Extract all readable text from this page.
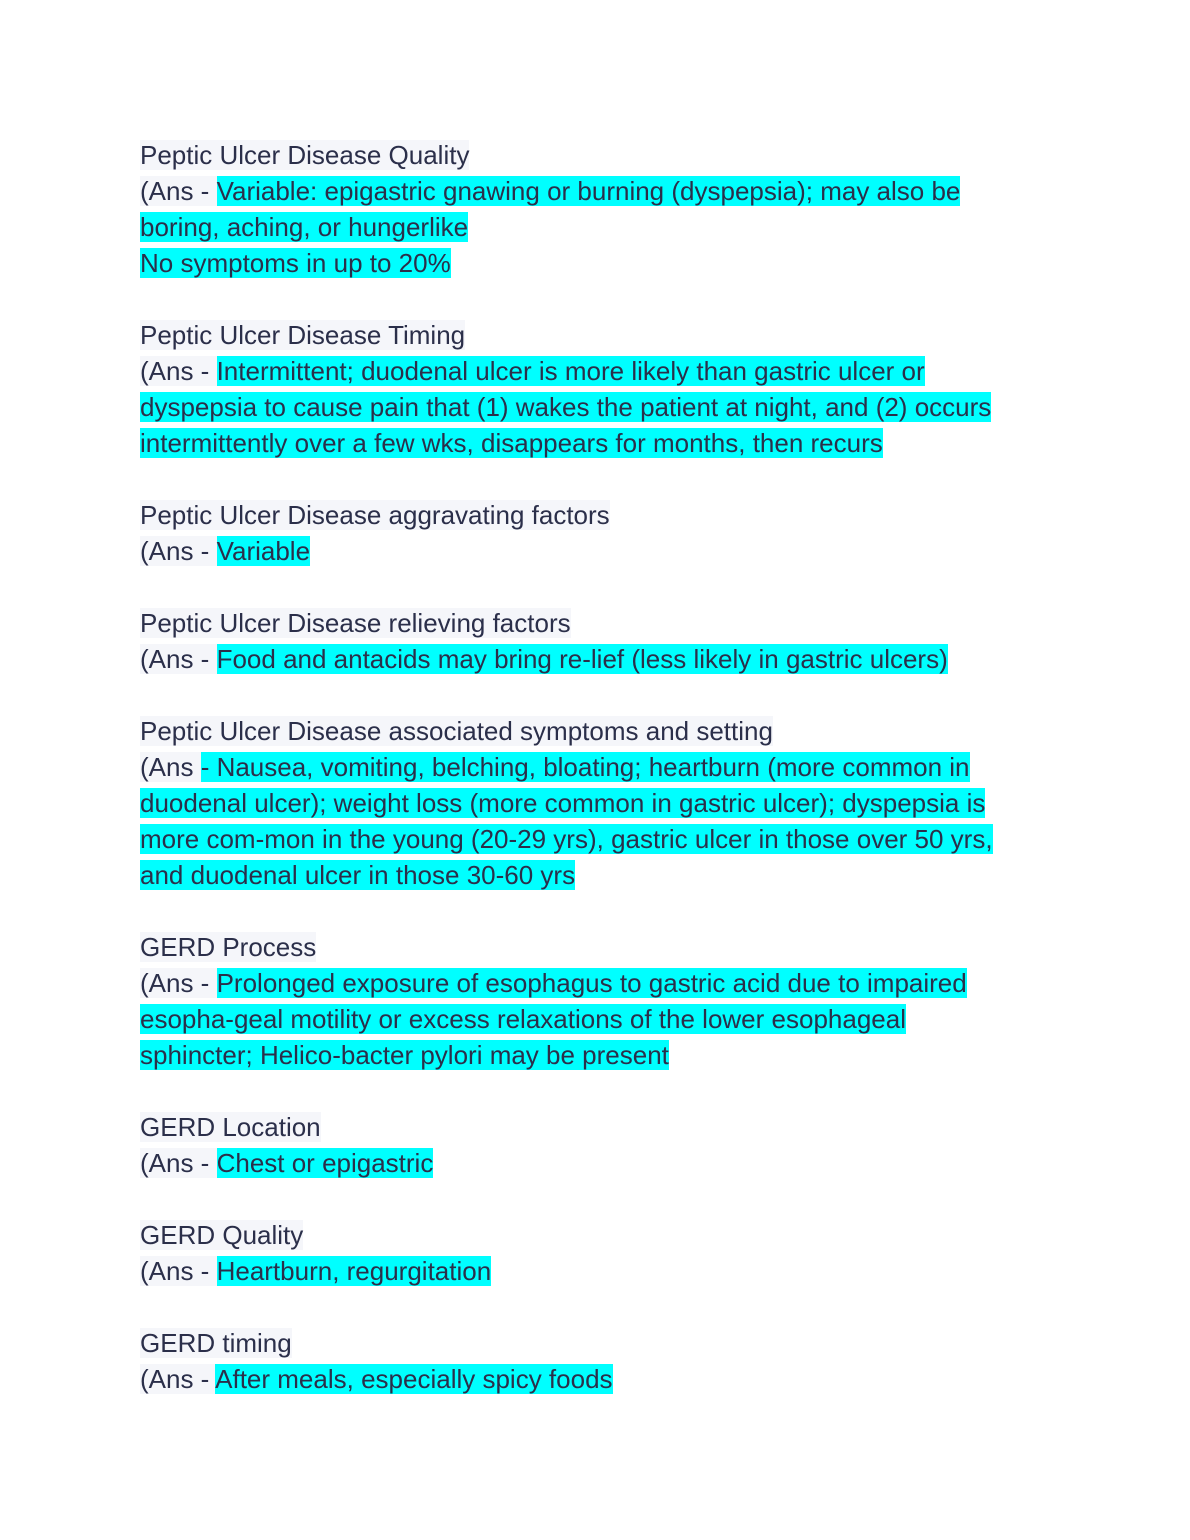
Peptic Ulcer Disease Quality
(Ans - Variable: epigastric gnawing or burning (dyspepsia); may also be
boring, aching, or hungerlike
No symptoms in up to 20%
Peptic Ulcer Disease Timing
(Ans - Intermittent; duodenal ulcer is more likely than gastric ulcer or
dyspepsia to cause pain that (1) wakes the patient at night, and (2) occurs
intermittently over a few wks, disappears for months, then recurs
Peptic Ulcer Disease aggravating factors
(Ans - Variable
Peptic Ulcer Disease relieving factors
(Ans - Food and antacids may bring re-lief (less likely in gastric ulcers)
Peptic Ulcer Disease associated symptoms and setting
(Ans - Nausea, vomiting, belching, bloating; heartburn (more common in
duodenal ulcer); weight loss (more common in gastric ulcer); dyspepsia is
more com-mon in the young (20-29 yrs), gastric ulcer in those over 50 yrs,
and duodenal ulcer in those 30-60 yrs
GERD Process
(Ans - Prolonged exposure of esophagus to gastric acid due to impaired
esopha-geal motility or excess relaxations of the lower esophageal
sphincter; Helico-bacter pylori may be present
GERD Location
(Ans - Chest or epigastric
GERD Quality
(Ans - Heartburn, regurgitation
GERD timing
(Ans - After meals, especially spicy foods
